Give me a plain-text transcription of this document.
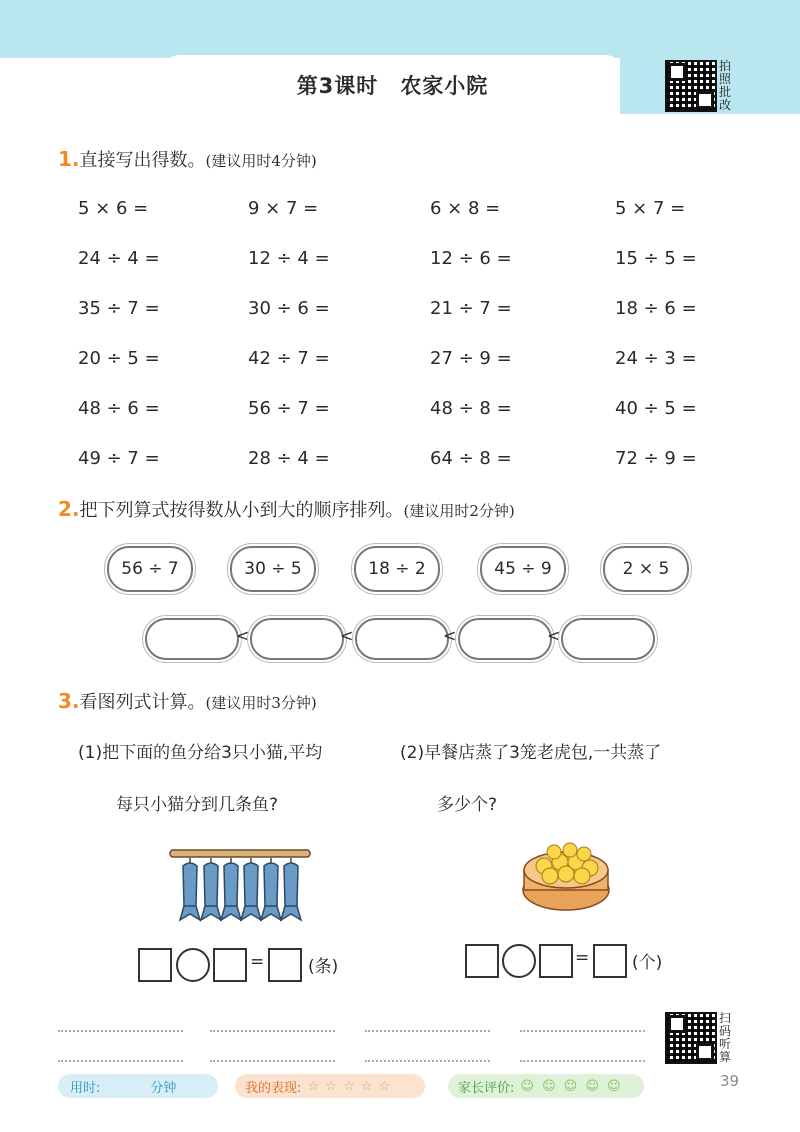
第3课时 农家小院
拍
照
批
改
1.直接写出得数。(建议用时4分钟)
5 × 6 =	9 × 7 =	6 × 8 =	5 × 7 =
24 ÷ 4 =	12 ÷ 4 =	12 ÷ 6 =	15 ÷ 5 =
35 ÷ 7 =	30 ÷ 6 =	21 ÷ 7 =	18 ÷ 6 =
20 ÷ 5 =	42 ÷ 7 =	27 ÷ 9 =	24 ÷ 3 =
48 ÷ 6 =	56 ÷ 7 =	48 ÷ 8 =	40 ÷ 5 =
49 ÷ 7 =	28 ÷ 4 =	64 ÷ 8 =	72 ÷ 9 =
2.把下列算式按得数从小到大的顺序排列。(建议用时2分钟)
56 ÷ 7	30 ÷ 5	18 ÷ 2	45 ÷ 9	2 × 5
<	<	<	<
3.看图列式计算。(建议用时3分钟)
(1)把下面的鱼分给3只小猫,平均
每只小猫分到几条鱼?
(2)早餐店蒸了3笼老虎包,一共蒸了
多少个?
=	(条)	=	(个)
扫
码
听
算
用时:	分钟	我的表现: ☆ ☆ ☆ ☆ ☆	家长评价: ☺ ☺ ☺ ☺ ☺	39
